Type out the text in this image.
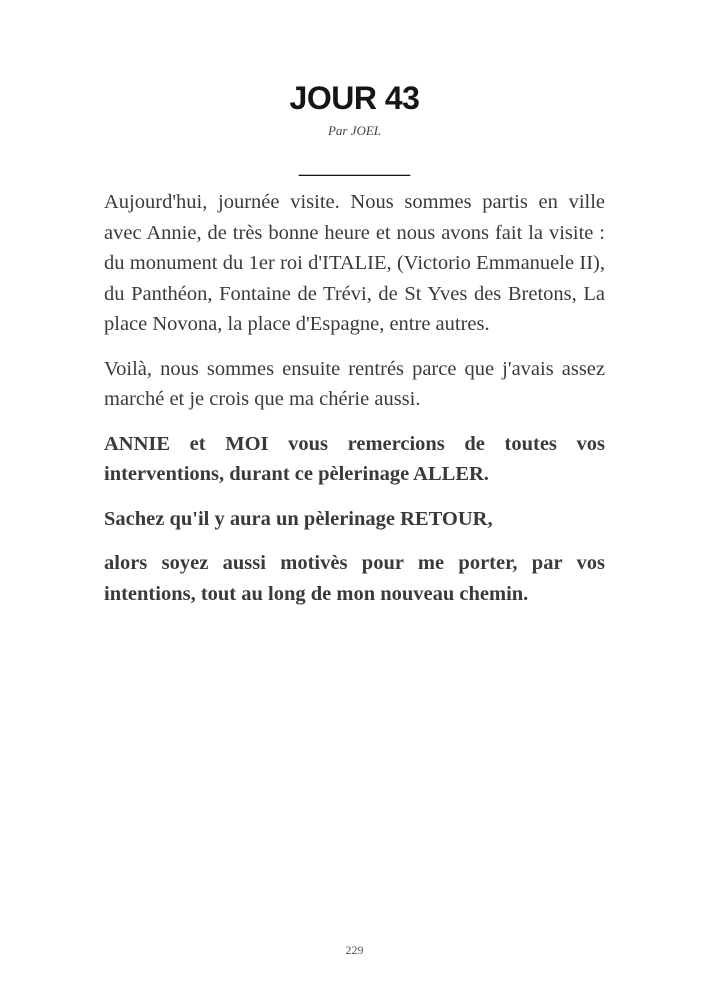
JOUR 43
Par JOEL
__________

Aujourd'hui, journée visite. Nous sommes partis en ville avec Annie, de très bonne heure et nous avons fait la visite : du monument du 1er roi d'ITALIE, (Victorio Emmanuele II), du Panthéon, Fontaine de Trévi, de St Yves des Bretons, La place Novona, la place d'Espagne, entre autres.

Voilà, nous sommes ensuite rentrés parce que j'avais assez marché et je crois que ma chérie aussi.

ANNIE et MOI vous remercions de toutes vos interventions, durant ce pèlerinage ALLER.

Sachez qu'il y aura un pèlerinage RETOUR,

alors soyez aussi motivès pour me porter, par vos intentions, tout au long de mon nouveau chemin.

229
